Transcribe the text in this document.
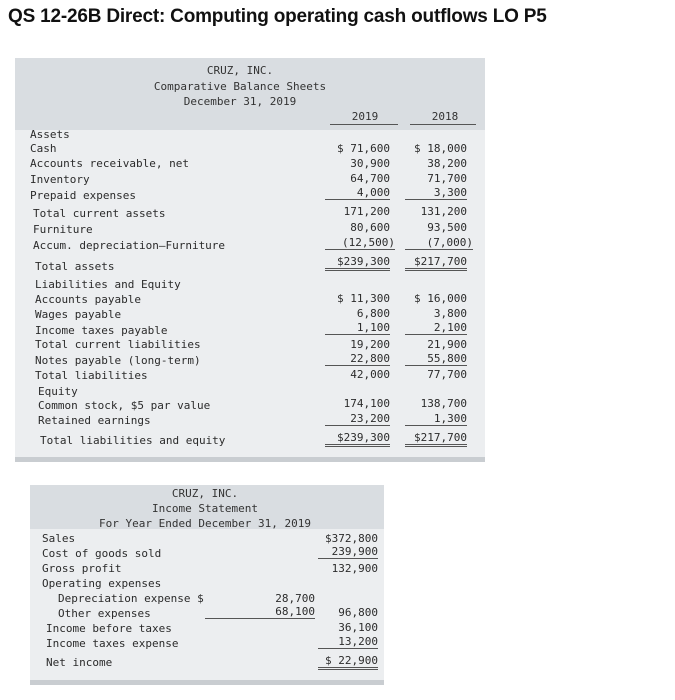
QS 12-26B Direct: Computing operating cash outflows LO P5
CRUZ, INC.
Comparative Balance Sheets
December 31, 2019
2019	2018
Assets
Cash
Accounts receivable, net
Inventory
Prepaid expenses
Total current assets
Furniture
Accum. depreciation—Furniture
Total assets
Liabilities and Equity
Accounts payable
Wages payable
Income taxes payable
Total current liabilities
Notes payable (long-term)
Total liabilities
Equity
Common stock, $5 par value
Retained earnings
Total liabilities and equity
$ 71,600
30,900
64,700
4,000
171,200
80,600
(12,500)
$239,300
$ 11,300
6,800
1,100
19,200
22,800
42,000
174,100
23,200
$239,300
$ 18,000
38,200
71,700
3,300
131,200
93,500
(7,000)
$217,700
$ 16,000
3,800
2,100
21,900
55,800
77,700
138,700
1,300
$217,700
CRUZ, INC.
Income Statement
For Year Ended December 31, 2019
Sales
Cost of goods sold
Gross profit
Operating expenses
Depreciation expense $
Other expenses
Income before taxes
Income taxes expense
Net income
28,700
68,100
$372,800
239,900
132,900
96,800
36,100
13,200
$ 22,900
